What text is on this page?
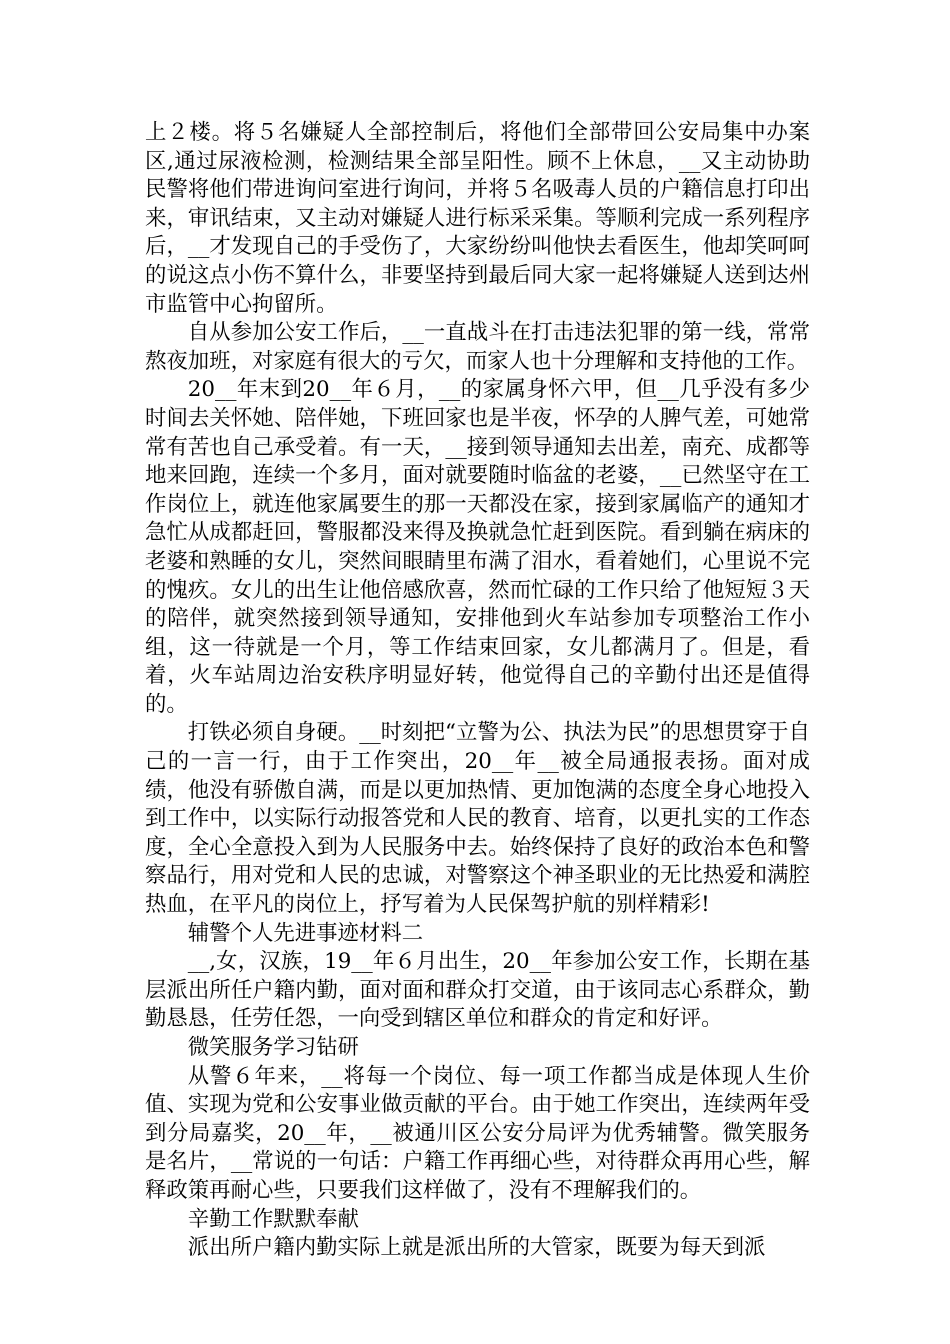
上２楼。将５名嫌疑人全部控制后，将他们全部带回公安局集中办案区,通过尿液检测，检测结果全部呈阳性。顾不上休息，__又主动协助民警将他们带进询问室进行询问，并将５名吸毒人员的户籍信息打印出来，审讯结束，又主动对嫌疑人进行标采采集。等顺利完成一系列程序后，__才发现自己的手受伤了，大家纷纷叫他快去看医生，他却笑呵呵的说这点小伤不算什么，非要坚持到最后同大家一起将嫌疑人送到达州市监管中心拘留所。

自从参加公安工作后，__一直战斗在打击违法犯罪的第一线，常常熬夜加班，对家庭有很大的亏欠，而家人也十分理解和支持他的工作。

20__年末到20__年６月，__的家属身怀六甲，但__几乎没有多少时间去关怀她、陪伴她，下班回家也是半夜，怀孕的人脾气差，可她常常有苦也自己承受着。有一天，__接到领导通知去出差，南充、成都等地来回跑，连续一个多月，面对就要随时临盆的老婆，__已然坚守在工作岗位上，就连他家属要生的那一天都没在家，接到家属临产的通知才急忙从成都赶回，警服都没来得及换就急忙赶到医院。看到躺在病床的老婆和熟睡的女儿，突然间眼睛里布满了泪水，看着她们，心里说不完的愧疚。女儿的出生让他倍感欣喜，然而忙碌的工作只给了他短短３天的陪伴，就突然接到领导通知，安排他到火车站参加专项整治工作小组，这一待就是一个月，等工作结束回家，女儿都满月了。但是，看着，火车站周边治安秩序明显好转，他觉得自己的辛勤付出还是值得的。

打铁必须自身硬。__时刻把“立警为公、执法为民”的思想贯穿于自己的一言一行，由于工作突出，20__年__被全局通报表扬。面对成绩，他没有骄傲自满，而是以更加热情、更加饱满的态度全身心地投入到工作中，以实际行动报答党和人民的教育、培育，以更扎实的工作态度，全心全意投入到为人民服务中去。始终保持了良好的政治本色和警察品行，用对党和人民的忠诚，对警察这个神圣职业的无比热爱和满腔热血，在平凡的岗位上，抒写着为人民保驾护航的别样精彩!

辅警个人先进事迹材料二

__,女，汉族，19__年６月出生，20__年参加公安工作，长期在基层派出所任户籍内勤，面对面和群众打交道，由于该同志心系群众，勤勤恳恳，任劳任怨，一向受到辖区单位和群众的肯定和好评。

微笑服务学习钻研

从警６年来，__将每一个岗位、每一项工作都当成是体现人生价值、实现为党和公安事业做贡献的平台。由于她工作突出，连续两年受到分局嘉奖，20__年，__被通川区公安分局评为优秀辅警。微笑服务是名片，__常说的一句话：户籍工作再细心些，对待群众再用心些，解释政策再耐心些，只要我们这样做了，没有不理解我们的。

辛勤工作默默奉献

派出所户籍内勤实际上就是派出所的大管家，既要为每天到派
